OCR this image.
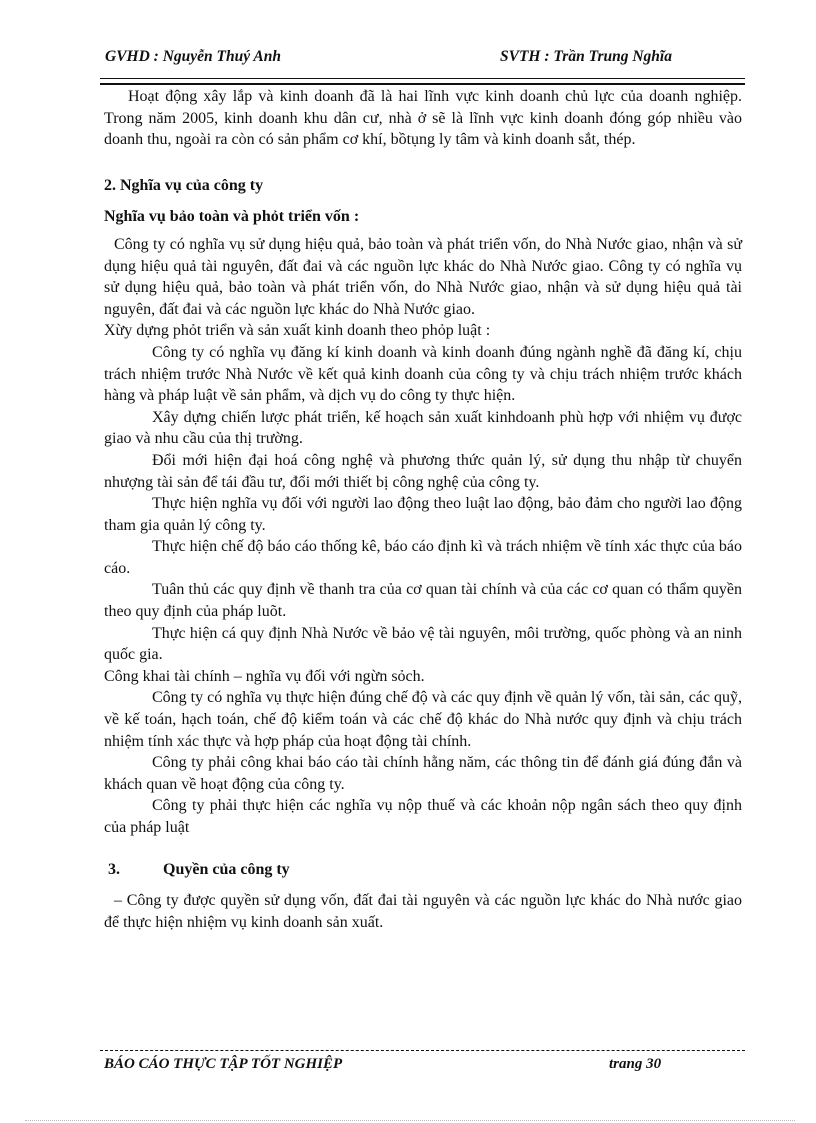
GVHD : Nguyễn Thuý Anh	SVTH : Trần Trung Nghĩa

Hoạt động xây lắp và kinh doanh đã là hai lĩnh vực kinh doanh chủ lực của doanh nghiệp. Trong năm 2005, kinh doanh khu dân cư, nhà ở sẽ là lĩnh vực kinh doanh đóng góp nhiều vào doanh thu, ngoài ra còn có sản phẩm cơ khí, bồtụng ly tâm và kinh doanh sắt, thép.

2. Nghĩa vụ của công ty

Nghĩa vụ bảo toàn và phỏt triển vốn :

Công ty có nghĩa vụ sử dụng hiệu quả, bảo toàn và phát triển vốn, do Nhà Nước giao, nhận và sử dụng hiệu quả tài nguyên, đất đai và các nguồn lực khác do Nhà Nước giao. Công ty có nghĩa vụ sử dụng hiệu quả, bảo toàn và phát triển vốn, do Nhà Nước giao, nhận và sử dụng hiệu quả tài nguyên, đất đai và các nguồn lực khác do Nhà Nước giao.

Xừy dựng phỏt triển và sản xuất kinh doanh theo phỏp luật :

Công ty có nghĩa vụ đăng kí kinh doanh và kinh doanh đúng ngành nghề đã đăng kí, chịu trách nhiệm trước Nhà Nước về kết quả kinh doanh của công ty và chịu trách nhiệm trước khách hàng và pháp luật về sản phẩm, và dịch vụ do công ty thực hiện.

Xây dựng chiến lược phát triển, kế hoạch sản xuất kinhdoanh phù hợp với nhiệm vụ được giao và nhu cầu của thị trường.

Đổi mới hiện đại hoá công nghệ và phương thức quản lý, sử dụng thu nhập từ chuyển nhượng tài sản để tái đầu tư, đổi mới thiết bị công nghệ của công ty.

Thực hiện nghĩa vụ đối với người lao động theo luật lao động, bảo đảm cho người lao động tham gia quản lý công ty.

Thực hiện chế độ báo cáo thống kê, báo cáo định kì và trách nhiệm về tính xác thực của báo cáo.

Tuân thủ các quy định về thanh tra của cơ quan tài chính và của các cơ quan có thẩm quyền theo quy định của pháp luõt.

Thực hiện cá quy định Nhà Nước về bảo vệ tài nguyên, môi trường, quốc phòng và an ninh quốc gia.

Công khai tài chính – nghĩa vụ đối với ngừn sỏch.

Công ty có nghĩa vụ thực hiện đúng chế độ và các quy định về quản lý vốn, tài sản, các quỹ, về kế toán, hạch toán, chế độ kiểm toán và các chế độ khác do Nhà nước quy định và chịu trách nhiệm tính xác thực và hợp pháp của hoạt động tài chính.

Công ty phải công khai báo cáo tài chính hằng năm, các thông tin để đánh giá đúng đắn và khách quan về hoạt động của công ty.

Công ty phải thực hiện các nghĩa vụ nộp thuế và các khoản nộp ngân sách theo quy định của pháp luật

3.	Quyền của công ty

– Công ty được quyền sử dụng vốn, đất đai tài nguyên và các nguồn lực khác do Nhà nước giao để thực hiện nhiệm vụ kinh doanh sản xuất.

BÁO CÁO THỰC TẬP TỐT NGHIỆP	trang 30
